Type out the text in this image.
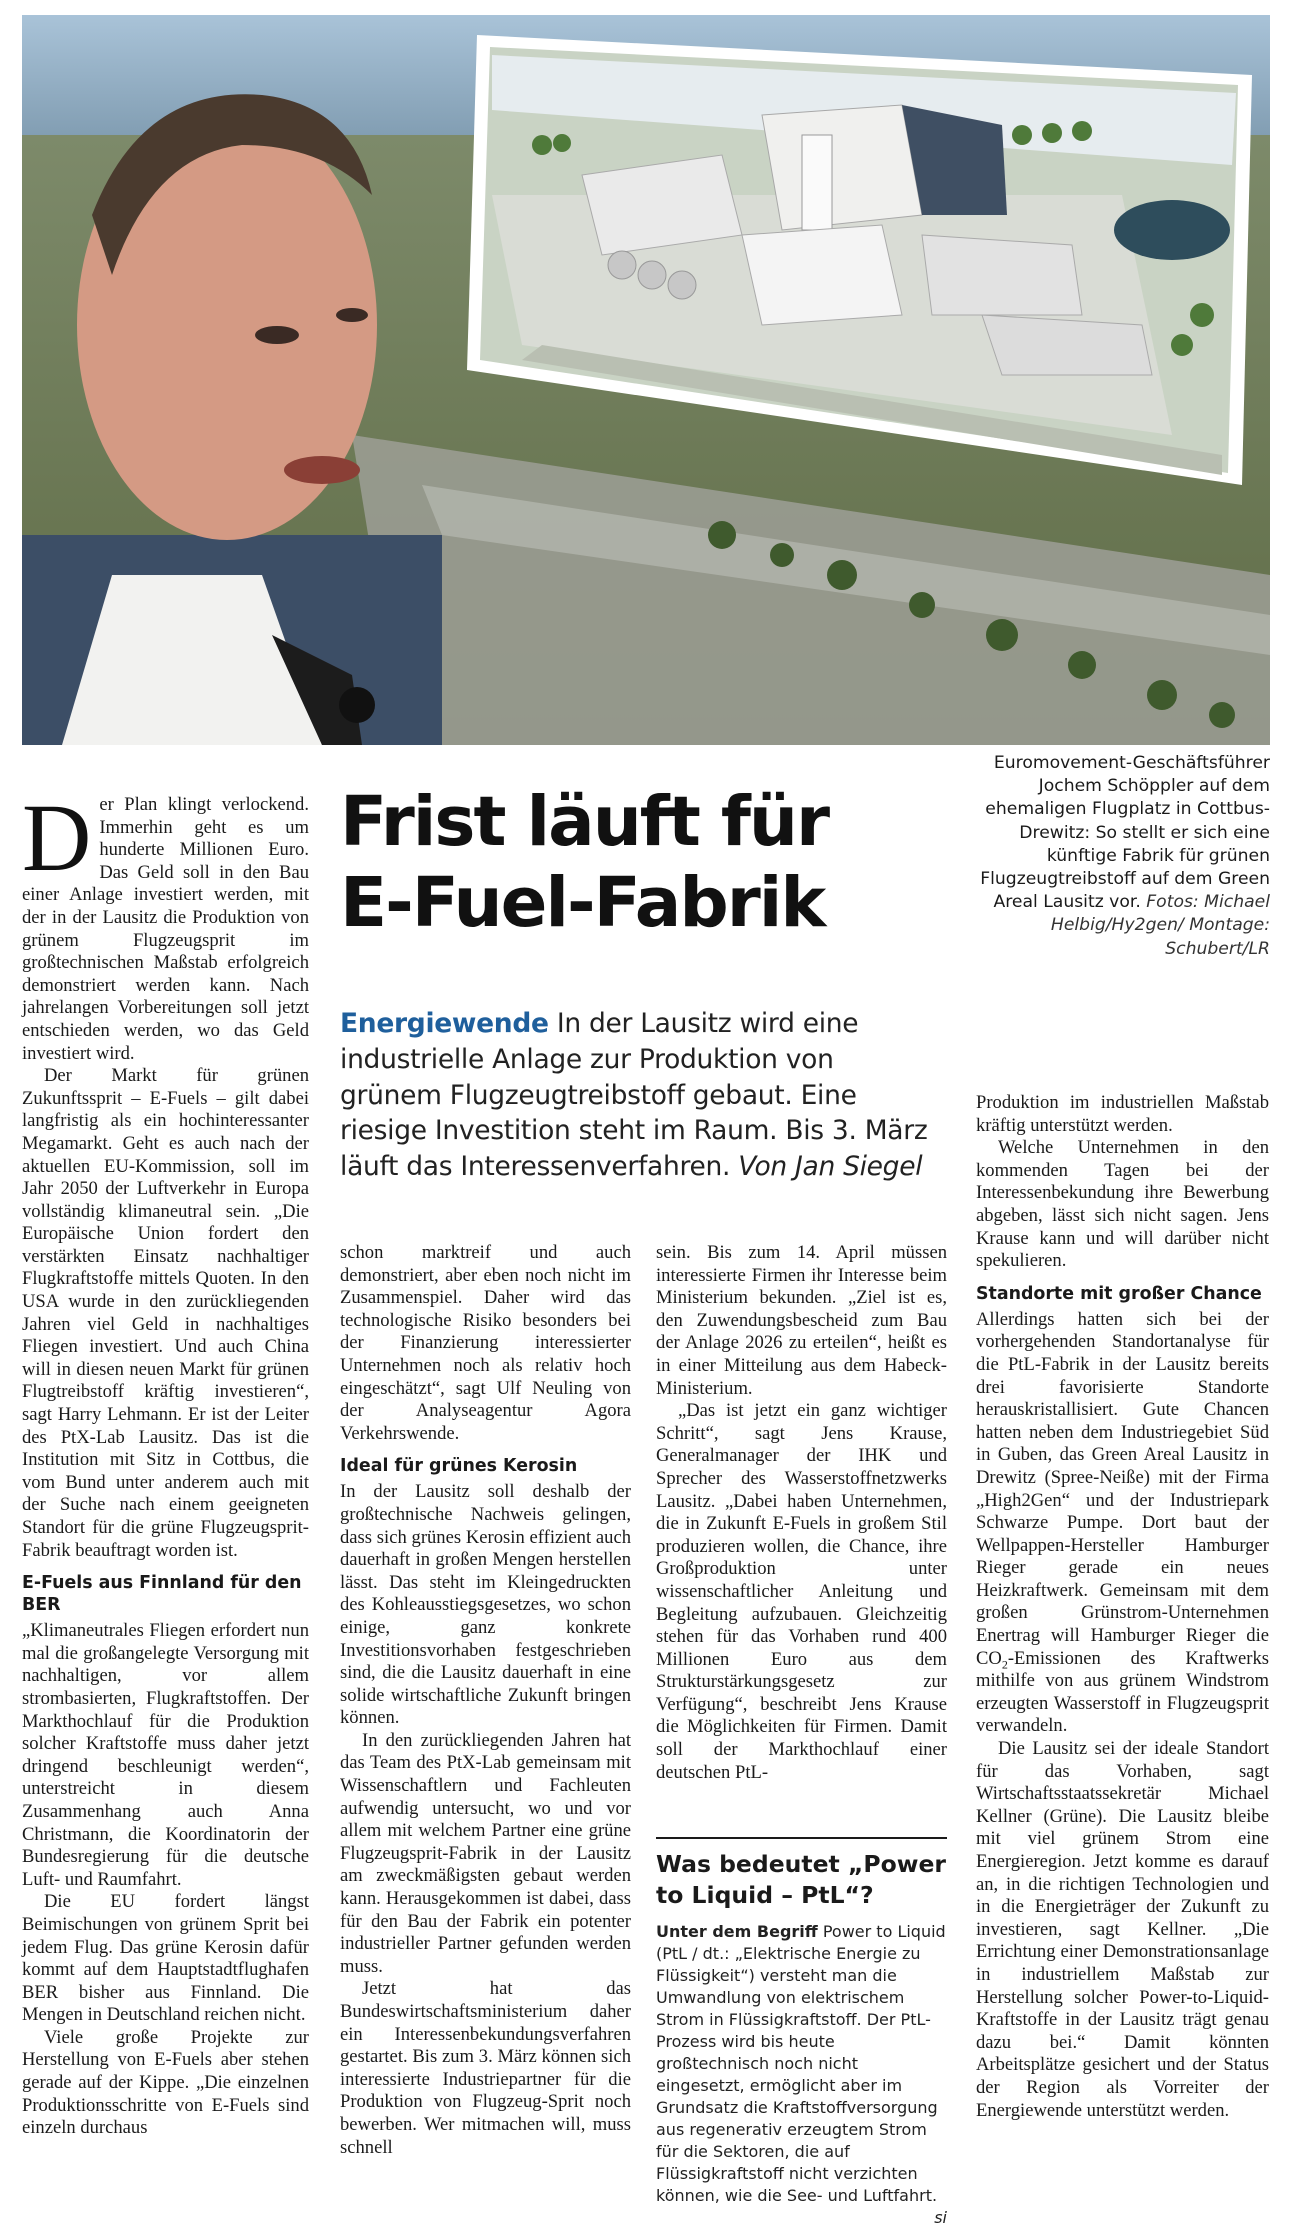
Euromovement-Geschäftsführer Jochem Schöppler auf dem ehemaligen Flugplatz in Cottbus-Drewitz: So stellt er sich eine künftige Fabrik für grünen Flugzeugtreibstoff auf dem Green Areal Lausitz vor. Fotos: Michael Helbig/Hy2gen/ Montage: Schubert/LR
Frist läuft für
E-Fuel-Fabrik
Energiewende In der Lausitz wird eine industrielle Anlage zur Produktion von grünem Flugzeugtreibstoff gebaut. Eine riesige Investition steht im Raum. Bis 3. März läuft das Interessenverfahren. Von Jan Siegel

Der Plan klingt verlockend. Immerhin geht es um hunderte Millionen Euro. Das Geld soll in den Bau einer Anlage investiert werden, mit der in der Lausitz die Produktion von grünem Flugzeugsprit im großtechnischen Maßstab erfolgreich demonstriert werden kann. Nach jahrelangen Vorbereitungen soll jetzt entschieden werden, wo das Geld investiert wird.

Der Markt für grünen Zukunftssprit – E-Fuels – gilt dabei langfristig als ein hochinteressanter Megamarkt. Geht es auch nach der aktuellen EU-Kommission, soll im Jahr 2050 der Luftverkehr in Europa vollständig klimaneutral sein. „Die Europäische Union fordert den verstärkten Einsatz nachhaltiger Flugkraftstoffe mittels Quoten. In den USA wurde in den zurückliegenden Jahren viel Geld in nachhaltiges Fliegen investiert. Und auch China will in diesen neuen Markt für grünen Flugtreibstoff kräftig investieren“, sagt Harry Lehmann. Er ist der Leiter des PtX-Lab Lausitz. Das ist die Institution mit Sitz in Cottbus, die vom Bund unter anderem auch mit der Suche nach einem geeigneten Standort für die grüne Flugzeugsprit-Fabrik beauftragt worden ist.

E-Fuels aus Finnland für den BER

„Klimaneutrales Fliegen erfordert nun mal die großangelegte Versorgung mit nachhaltigen, vor allem strombasierten, Flugkraftstoffen. Der Markthochlauf für die Produktion solcher Kraftstoffe muss daher jetzt dringend beschleunigt werden“, unterstreicht in diesem Zusammenhang auch Anna Christmann, die Koordinatorin der Bundesregierung für die deutsche Luft- und Raumfahrt.

Die EU fordert längst Beimischungen von grünem Sprit bei jedem Flug. Das grüne Kerosin dafür kommt auf dem Hauptstadtflughafen BER bisher aus Finnland. Die Mengen in Deutschland reichen nicht.

Viele große Projekte zur Herstellung von E-Fuels aber stehen gerade auf der Kippe. „Die einzelnen Produktionsschritte von E-Fuels sind einzeln durchaus

schon marktreif und auch demonstriert, aber eben noch nicht im Zusammenspiel. Daher wird das technologische Risiko besonders bei der Finanzierung interessierter Unternehmen noch als relativ hoch eingeschätzt“, sagt Ulf Neuling von der Analyseagentur Agora Verkehrswende.

Ideal für grünes Kerosin

In der Lausitz soll deshalb der großtechnische Nachweis gelingen, dass sich grünes Kerosin effizient auch dauerhaft in großen Mengen herstellen lässt. Das steht im Kleingedruckten des Kohleausstiegsgesetzes, wo schon einige, ganz konkrete Investitionsvorhaben festgeschrieben sind, die die Lausitz dauerhaft in eine solide wirtschaftliche Zukunft bringen können.

In den zurückliegenden Jahren hat das Team des PtX-Lab gemeinsam mit Wissenschaftlern und Fachleuten aufwendig untersucht, wo und vor allem mit welchem Partner eine grüne Flugzeugsprit-Fabrik in der Lausitz am zweckmäßigsten gebaut werden kann. Herausgekommen ist dabei, dass für den Bau der Fabrik ein potenter industrieller Partner gefunden werden muss.

Jetzt hat das Bundeswirtschaftsministerium daher ein Interessenbekundungsverfahren gestartet. Bis zum 3. März können sich interessierte Industriepartner für die Produktion von Flugzeug-Sprit noch bewerben. Wer mitmachen will, muss schnell

sein. Bis zum 14. April müssen interessierte Firmen ihr Interesse beim Ministerium bekunden. „Ziel ist es, den Zuwendungsbescheid zum Bau der Anlage 2026 zu erteilen“, heißt es in einer Mitteilung aus dem Habeck-Ministerium.

„Das ist jetzt ein ganz wichtiger Schritt“, sagt Jens Krause, Generalmanager der IHK und Sprecher des Wasserstoffnetzwerks Lausitz. „Dabei haben Unternehmen, die in Zukunft E-Fuels in großem Stil produzieren wollen, die Chance, ihre Großproduktion unter wissenschaftlicher Anleitung und Begleitung aufzubauen. Gleichzeitig stehen für das Vorhaben rund 400 Millionen Euro aus dem Strukturstärkungsgesetz zur Verfügung“, beschreibt Jens Krause die Möglichkeiten für Firmen. Damit soll der Markthochlauf einer deutschen PtL-

Was bedeutet „Power to Liquid – PtL“?
Unter dem Begriff Power to Liquid (PtL / dt.: „Elektrische Energie zu Flüssigkeit“) versteht man die Umwandlung von elektrischem Strom in Flüssigkraftstoff. Der PtL-Prozess wird bis heute großtechnisch noch nicht eingesetzt, ermöglicht aber im Grundsatz die Kraftstoffversorgung aus regenerativ erzeugtem Strom für die Sektoren, die auf Flüssigkraftstoff nicht verzichten können, wie die See- und Luftfahrt.
si

Produktion im industriellen Maßstab kräftig unterstützt werden.

Welche Unternehmen in den kommenden Tagen bei der Interessenbekundung ihre Bewerbung abgeben, lässt sich nicht sagen. Jens Krause kann und will darüber nicht spekulieren.

Standorte mit großer Chance

Allerdings hatten sich bei der vorhergehenden Standortanalyse für die PtL-Fabrik in der Lausitz bereits drei favorisierte Standorte herauskristallisiert. Gute Chancen hatten neben dem Industriegebiet Süd in Guben, das Green Areal Lausitz in Drewitz (Spree-Neiße) mit der Firma „High2Gen“ und der Industriepark Schwarze Pumpe. Dort baut der Wellpappen-Hersteller Hamburger Rieger gerade ein neues Heizkraftwerk. Gemeinsam mit dem großen Grünstrom-Unternehmen Enertrag will Hamburger Rieger die $CO_2$-Emissionen des Kraftwerks mithilfe von aus grünem Windstrom erzeugten Wasserstoff in Flugzeugsprit verwandeln.

Die Lausitz sei der ideale Standort für das Vorhaben, sagt Wirtschaftsstaatssekretär Michael Kellner (Grüne). Die Lausitz bleibe mit viel grünem Strom eine Energieregion. Jetzt komme es darauf an, in die richtigen Technologien und in die Energieträger der Zukunft zu investieren, sagt Kellner. „Die Errichtung einer Demonstrationsanlage in industriellem Maßstab zur Herstellung solcher Power-to-Liquid-Kraftstoffe in der Lausitz trägt genau dazu bei.“ Damit könnten Arbeitsplätze gesichert und der Status der Region als Vorreiter der Energiewende unterstützt werden.
